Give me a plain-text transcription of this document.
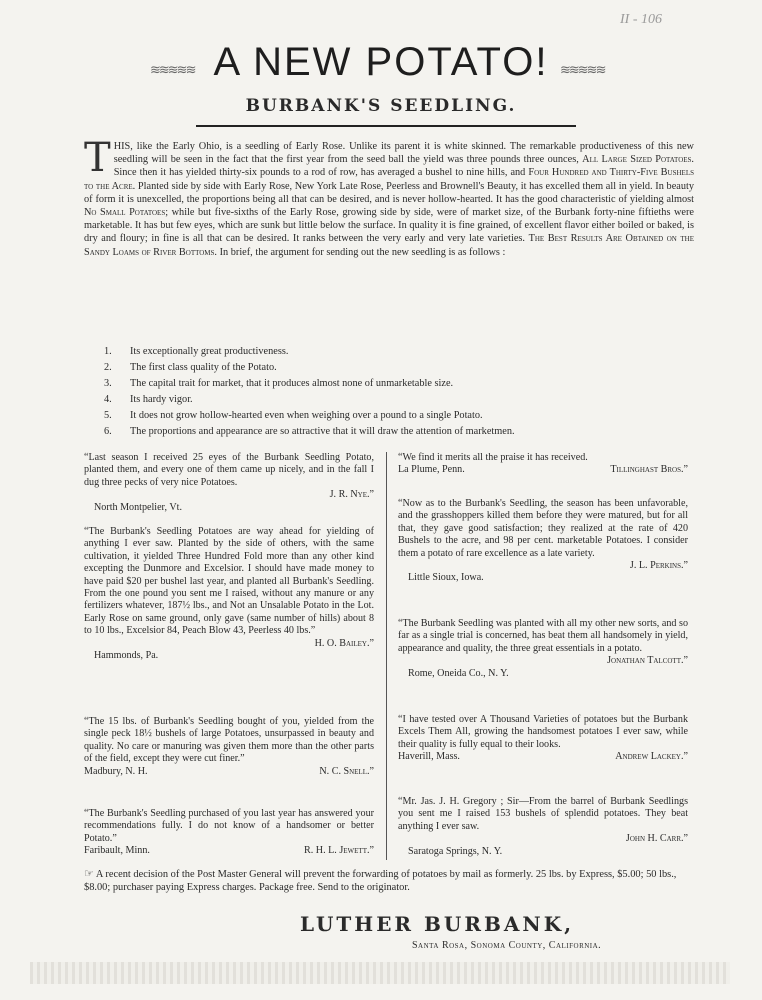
II - 106
≋≋≋≋≋	≋≋≋≋≋
A NEW POTATO!
BURBANK'S SEEDLING.
T HIS, like the Early Ohio, is a seedling of Early Rose. Unlike its parent it is white skinned. The remarkable productiveness of this new seedling will be seen in the fact that the first year from the seed ball the yield was three pounds three ounces, All Large Sized Potatoes. Since then it has yielded thirty-six pounds to a rod of row, has averaged a bushel to nine hills, and Four Hundred and Thirty-Five Bushels to the Acre. Planted side by side with Early Rose, New York Late Rose, Peerless and Brownell's Beauty, it has excelled them all in yield. In beauty of form it is unexcelled, the proportions being all that can be desired, and is never hollow-hearted. It has the good characteristic of yielding almost No Small Potatoes; while but five-sixths of the Early Rose, growing side by side, were of market size, of the Burbank forty-nine fiftieths were marketable. It has but few eyes, which are sunk but little below the surface. In quality it is fine grained, of excellent flavor either boiled or baked, is dry and floury; in fine is all that can be desired. It ranks between the very early and very late varieties. The Best Results Are Obtained on the Sandy Loams of River Bottoms. In brief, the argument for sending out the new seedling is as follows :
1. Its exceptionally great productiveness.
2. The first class quality of the Potato.
3. The capital trait for market, that it produces almost none of unmarketable size.
4. Its hardy vigor.
5. It does not grow hollow-hearted even when weighing over a pound to a single Potato.
6. The proportions and appearance are so attractive that it will draw the attention of marketmen.
“Last season I received 25 eyes of the Burbank Seedling Potato, planted them, and every one of them came up nicely, and in the fall I dug three pecks of very nice Potatoes.
J. R. Nye.”
North Montpelier, Vt.
“The Burbank's Seedling Potatoes are way ahead for yielding of anything I ever saw. Planted by the side of others, with the same cultivation, it yielded Three Hundred Fold more than any other kind excepting the Dunmore and Excelsior. I should have made money to have paid $20 per bushel last year, and planted all Burbank's Seedling. From the one pound you sent me I raised, without any manure or any fertilizers whatever, 187½ lbs., and Not an Unsalable Potato in the Lot. Early Rose on same ground, only gave (same number of hills) about 8 to 10 lbs., Excelsior 84, Peach Blow 43, Peerless 40 lbs.”
H. O. Bailey.”
Hammonds, Pa.
“The 15 lbs. of Burbank's Seedling bought of you, yielded from the single peck 18½ bushels of large Potatoes, unsurpassed in beauty and quality. No care or manuring was given them more than the other parts of the field, except they were cut finer.”
Madbury, N. H.	N. C. Snell.”
“The Burbank's Seedling purchased of you last year has answered your recommendations fully. I do not know of a handsomer or better Potato.”
Faribault, Minn.	R. H. L. Jewett.”
“We find it merits all the praise it has received.
La Plume, Penn.	Tillinghast Bros.”
“Now as to the Burbank's Seedling, the season has been unfavorable, and the grasshoppers killed them before they were matured, but for all that, they gave good satisfaction; they realized at the rate of 420 Bushels to the acre, and 98 per cent. marketable Potatoes. I consider them a potato of rare excellence as a late variety.
J. L. Perkins.”
Little Sioux, Iowa.
“The Burbank Seedling was planted with all my other new sorts, and so far as a single trial is concerned, has beat them all handsomely in yield, appearance and quality, the three great essentials in a potato.
Jonathan Talcott.”
Rome, Oneida Co., N. Y.
“I have tested over A Thousand Varieties of potatoes but the Burbank Excels Them All, growing the handsomest potatoes I ever saw, while their quality is fully equal to their looks.
Haverill, Mass.	Andrew Lackey.”
“Mr. Jas. J. H. Gregory ; Sir—From the barrel of Burbank Seedlings you sent me I raised 153 bushels of splendid potatoes. They beat anything I ever saw.
John H. Carr.”
Saratoga Springs, N. Y.
☞ A recent decision of the Post Master General will prevent the forwarding of potatoes by mail as formerly. 25 lbs. by Express, $5.00; 50 lbs., $8.00; purchaser paying Express charges. Package free. Send to the originator.
LUTHER BURBANK,
Santa Rosa, Sonoma County, California.
